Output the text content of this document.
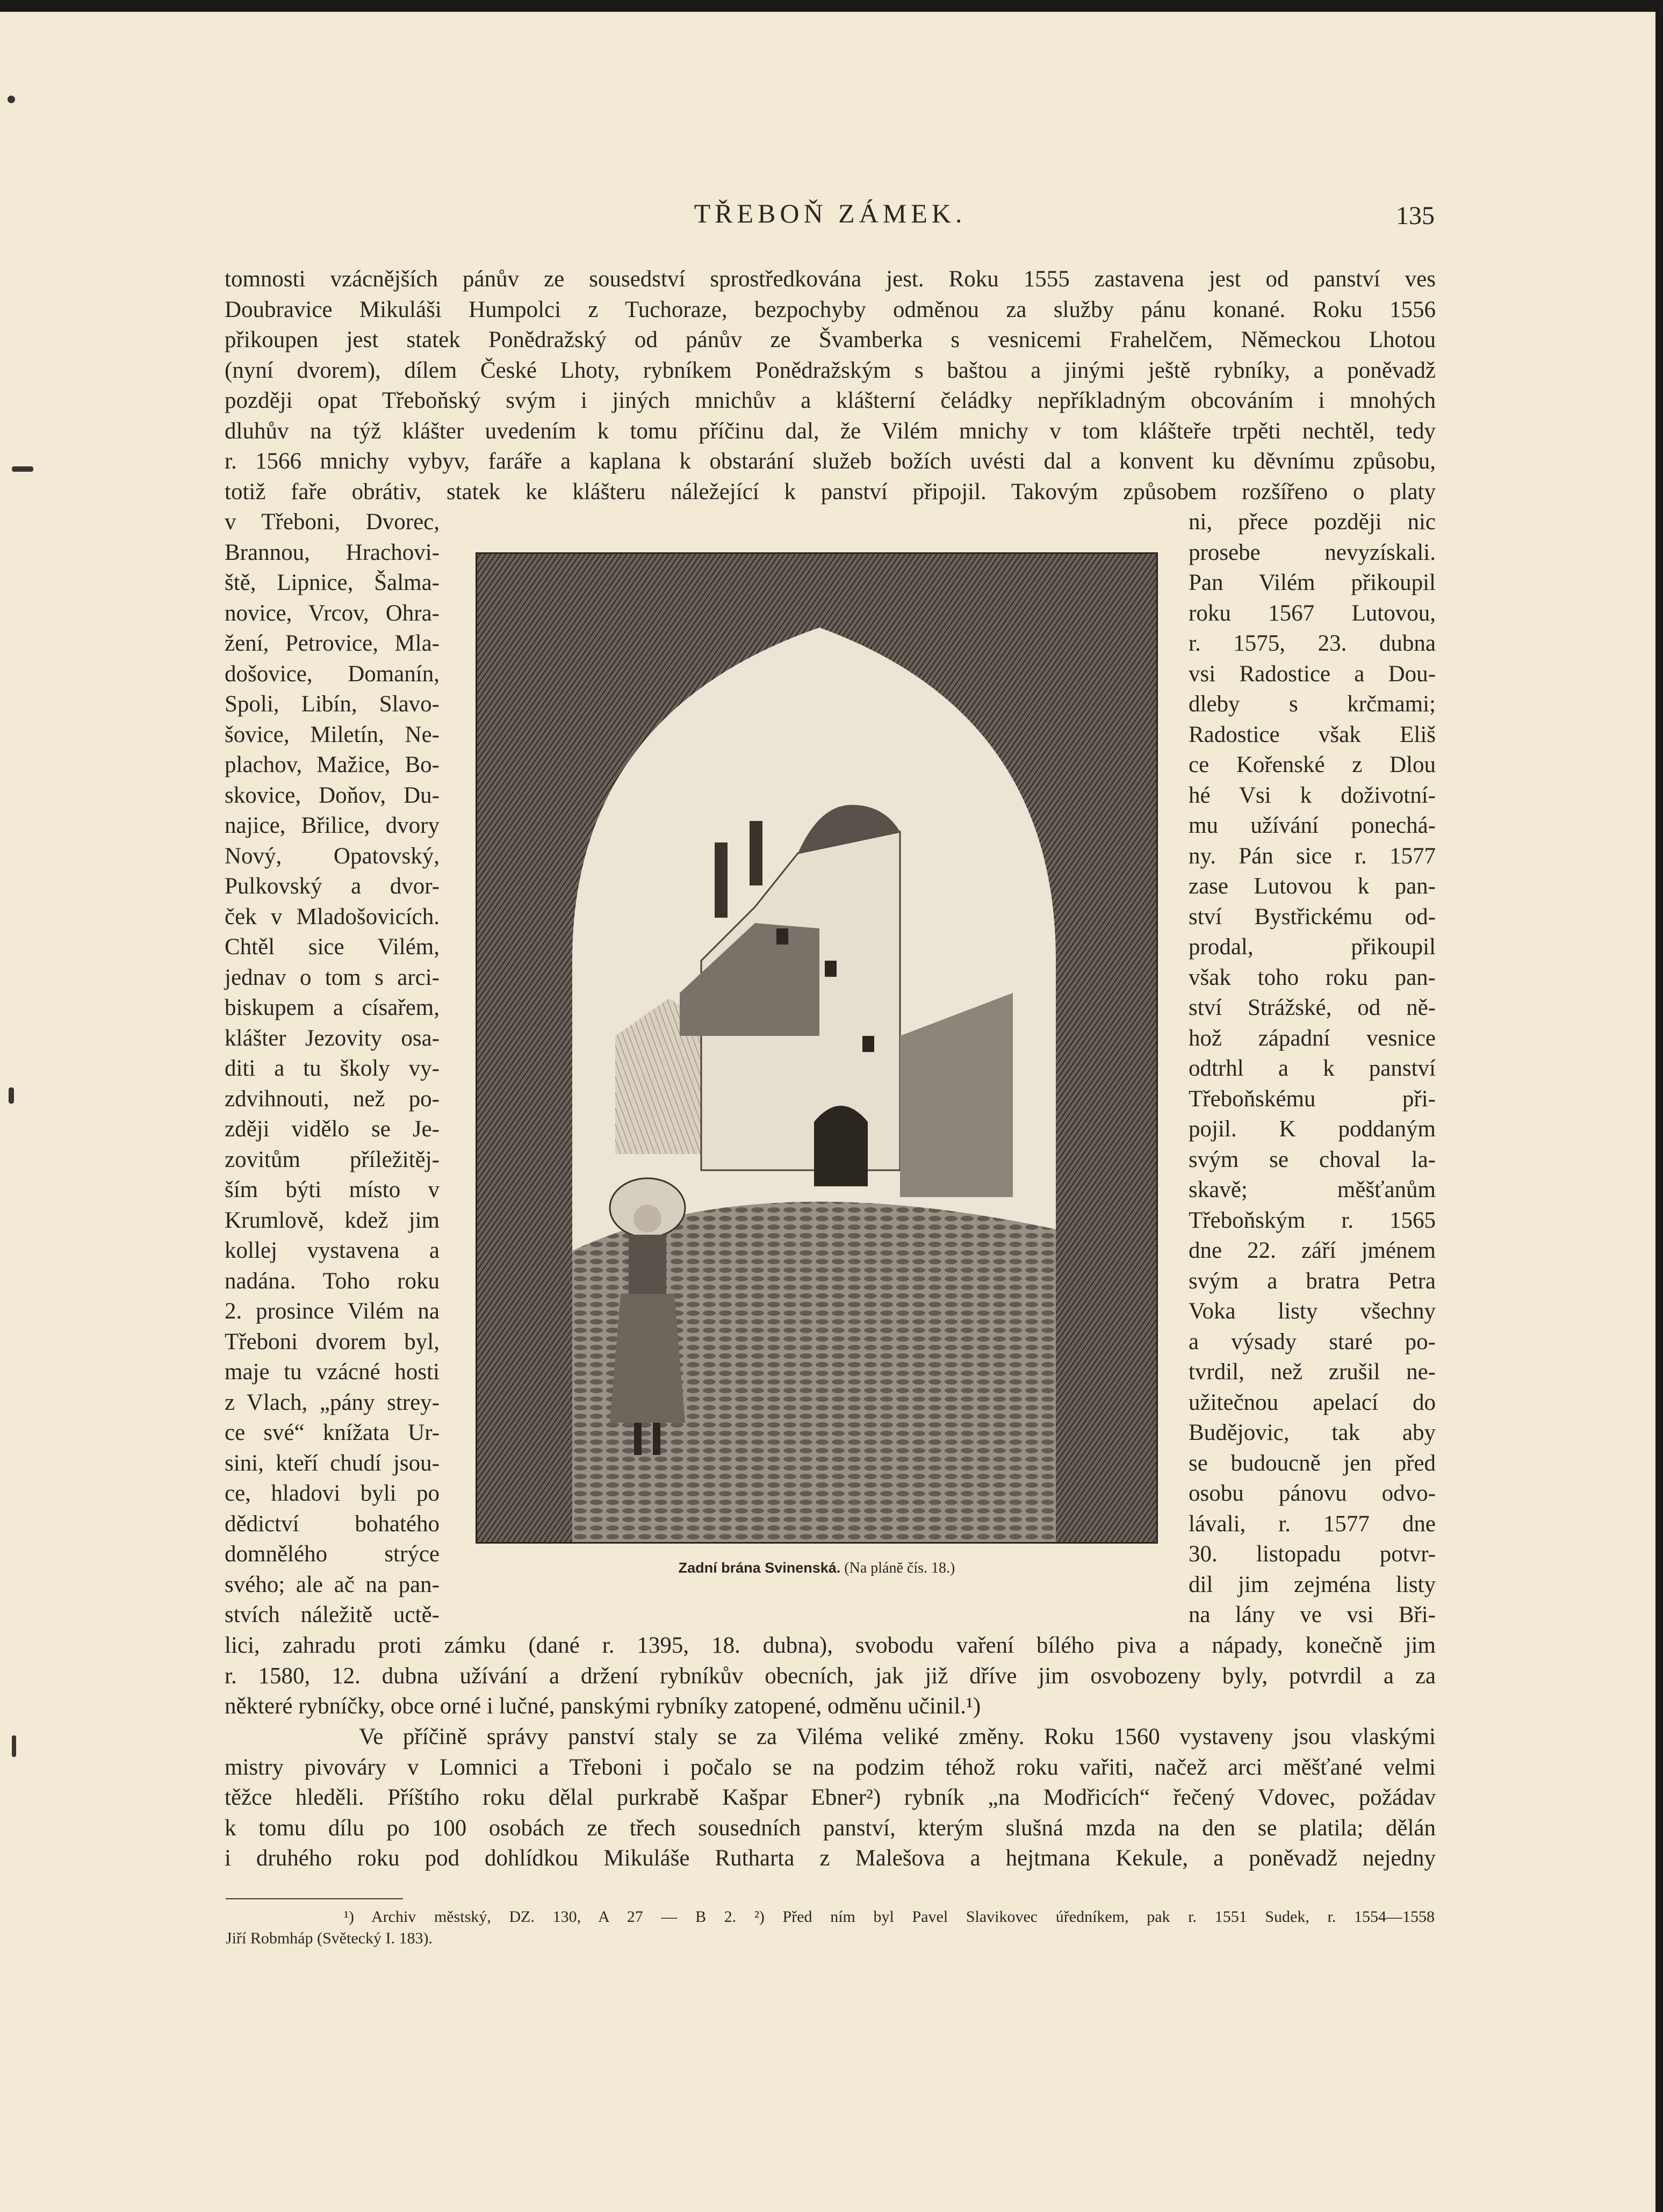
TŘEBOŇ ZÁMEK.	135
tomnosti vzácnějších pánův ze sousedství sprostředkována jest. Roku 1555 zastavena jest od panství ves
Doubravice Mikuláši Humpolci z Tuchoraze, bezpochyby odměnou za služby pánu konané. Roku 1556
přikoupen jest statek Ponědražský od pánův ze Švamberka s vesnicemi Frahelčem, Německou Lhotou
(nyní dvorem), dílem České Lhoty, rybníkem Ponědražským s baštou a jinými ještě rybníky, a poněvadž
později opat Třeboňský svým i jiných mnichův a klášterní čeládky nepříkladným obcováním i mnohých
dluhův na týž klášter uvedením k tomu příčinu dal, že Vilém mnichy v tom klášteře trpěti nechtěl, tedy
r. 1566 mnichy vybyv, faráře a kaplana k obstarání služeb božích uvésti dal a konvent ku děvnímu způsobu,
totiž faře obrátiv, statek ke klášteru náležející k panství připojil. Takovým způsobem rozšířeno o platy
v Třeboni, Dvorec,
Brannou, Hrachovi-
ště, Lipnice, Šalma-
novice, Vrcov, Ohra-
žení, Petrovice, Mla-
došovice, Domanín,
Spoli, Libín, Slavo-
šovice, Miletín, Ne-
plachov, Mažice, Bo-
skovice, Doňov, Du-
najice, Břilice, dvory
Nový, Opatovský,
Pulkovský a dvor-
ček v Mladošovicích.
Chtěl sice Vilém,
jednav o tom s arci-
biskupem a císařem,
klášter Jezovity osa-
diti a tu školy vy-
zdvihnouti, než po-
zději vidělo se Je-
zovitům příležitěj-
ším býti místo v
Krumlově, kdež jim
kollej vystavena a
nadána. Toho roku
2. prosince Vilém na
Třeboni dvorem byl,
maje tu vzácné hosti
z Vlach, „pány strey-
ce své“ knížata Ur-
sini, kteří chudí jsou-
ce, hladovi byli po
dědictví bohatého
domnělého strýce
svého; ale ač na pan-
stvích náležitě uctě-
ni, přece později nic
prosebe nevyzískali.
Pan Vilém přikoupil
roku 1567 Lutovou,
r. 1575, 23. dubna
vsi Radostice a Dou-
dleby s krčmami;
Radostice však Eliš
ce Kořenské z Dlou
hé Vsi k doživotní-
mu užívání ponechá-
ny. Pán sice r. 1577
zase Lutovou k pan-
ství Bystřickému od-
prodal, přikoupil
však toho roku pan-
ství Strážské, od ně-
hož západní vesnice
odtrhl a k panství
Třeboňskému při-
pojil. K poddaným
svým se choval la-
skavě; měšťanům
Třeboňským r. 1565
dne 22. září jménem
svým a bratra Petra
Voka listy všechny
a výsady staré po-
tvrdil, než zrušil ne-
užitečnou apelací do
Budějovic, tak aby
se budoucně jen před
osobu pánovu odvo-
lávali, r. 1577 dne
30. listopadu potvr-
dil jim zejména listy
na lány ve vsi Bři-
Zadní brána Svinenská. (Na plánĕ čís. 18.)
lici, zahradu proti zámku (dané r. 1395, 18. dubna), svobodu vaření bílého piva a nápady, konečně jim
r. 1580, 12. dubna užívání a držení rybníkův obecních, jak již dříve jim osvobozeny byly, potvrdil a za
některé rybníčky, obce orné i lučné, panskými rybníky zatopené, odměnu učinil.¹)
Ve příčině správy panství staly se za Viléma veliké změny. Roku 1560 vystaveny jsou vlaskými
mistry pivováry v Lomnici a Třeboni i počalo se na podzim téhož roku vařiti, načež arci měšťané velmi
těžce hleděli. Příštího roku dělal purkrabě Kašpar Ebner²) rybník „na Modřicích“ řečený Vdovec, požádav
k tomu dílu po 100 osobách ze třech sousedních panství, kterým slušná mzda na den se platila; dělán
i druhého roku pod dohlídkou Mikuláše Rutharta z Malešova a hejtmana Kekule, a poněvadž nejedny
¹) Archiv městský, DZ. 130, A 27 — B 2. ²) Před ním byl Pavel Slavikovec úředníkem, pak r. 1551 Sudek, r. 1554—1558
Jiří Robmháp (Světecký I. 183).
